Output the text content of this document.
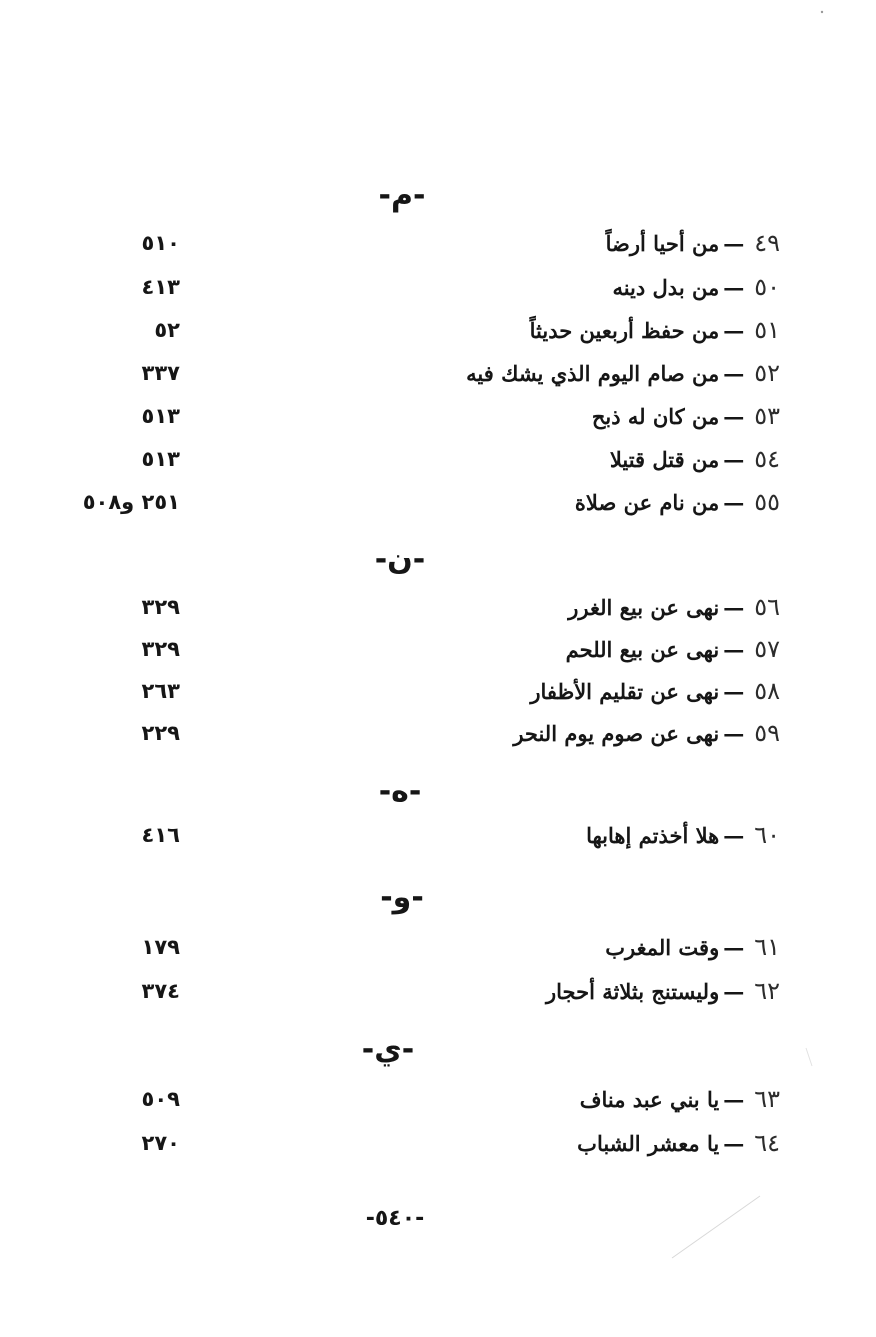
-م-
٤٩—من أحيا أرضاً
٥١٠
٥٠—من بدل دينه
٤١٣
٥١—من حفظ أربعين حديثاً
٥٢
٥٢—من صام اليوم الذي يشك فيه
٣٣٧
٥٣—من كان له ذبح
٥١٣
٥٤—من قتل قتيلا
٥١٣
٥٥—من نام عن صلاة
٢٥١ و٥٠٨
-ن-
٥٦—نهى عن بيع الغرر
٣٢٩
٥٧—نهى عن بيع اللحم
٣٢٩
٥٨—نهى عن تقليم الأظفار
٢٦٣
٥٩—نهى عن صوم يوم النحر
٢٢٩
-ه-
٦٠—هلا أخذتم إهابها
٤١٦
-و-
٦١—وقت المغرب
١٧٩
٦٢—وليستنج بثلاثة أحجار
٣٧٤
-ي-
٦٣—يا بني عبد مناف
٥٠٩
٦٤—يا معشر الشباب
٢٧٠
-٥٤٠-
